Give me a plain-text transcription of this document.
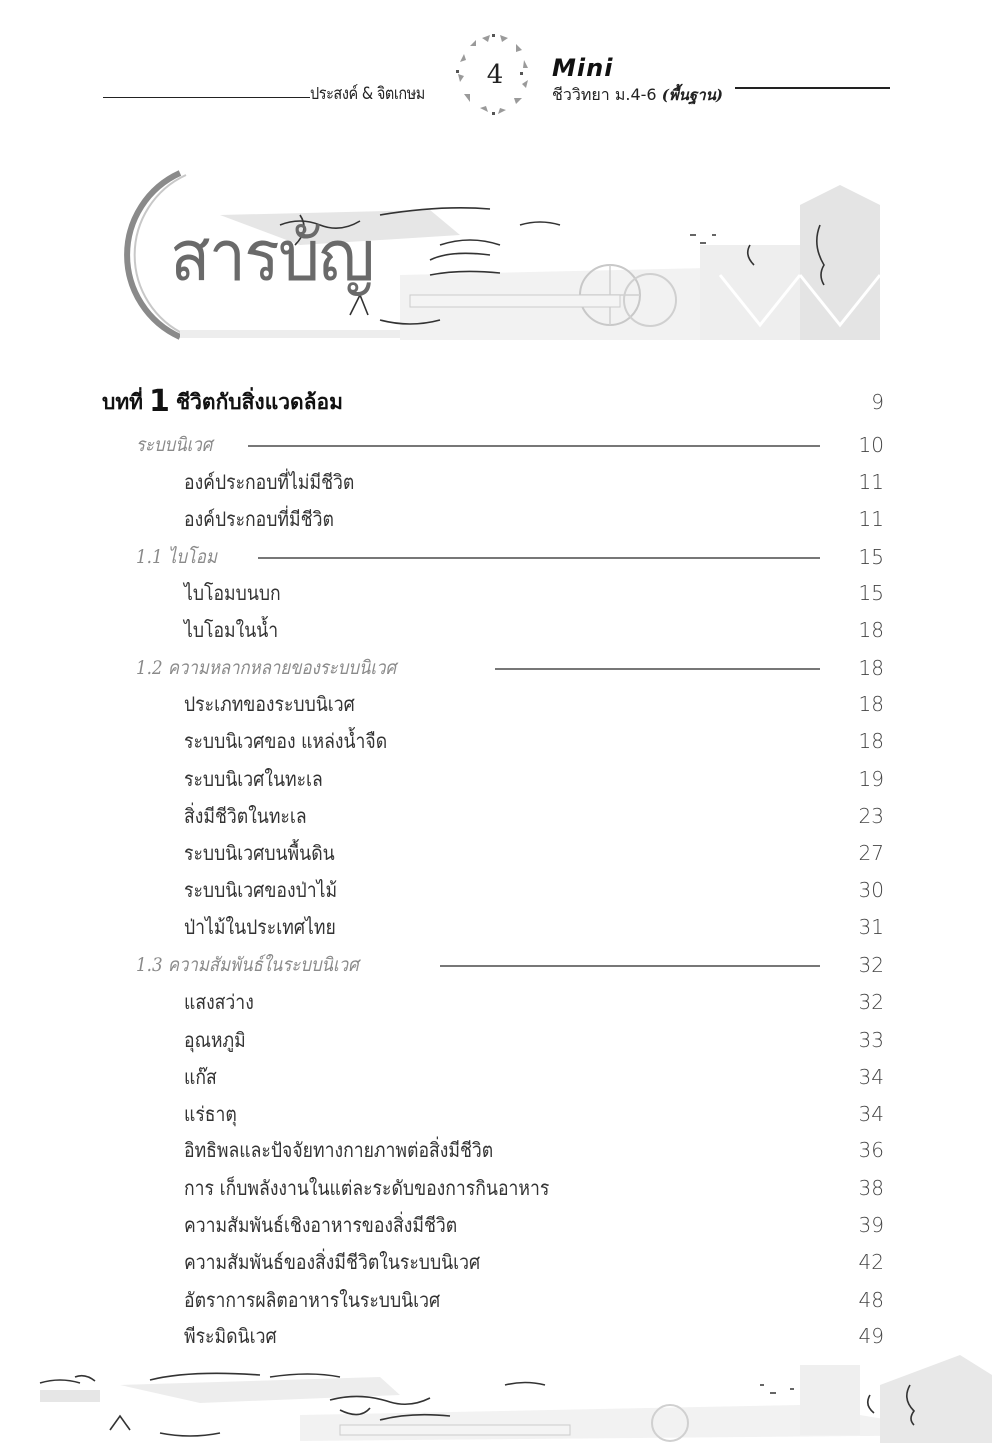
ประสงค์ & จิตเกษม
4	Mini
ชีววิทยา ม.4-6 (พื้นฐาน)
สารบัญ
บทที่ 1 ชีวิตกับสิ่งแวดล้อม	9
ระบบนิเวศ	10
องค์ประกอบที่ไม่มีชีวิต	11
องค์ประกอบที่มีชีวิต	11
1.1 ไบโอม	15
ไบโอมบนบก	15
ไบโอมในน้ำ	18
1.2 ความหลากหลายของระบบนิเวศ	18
ประเภทของระบบนิเวศ	18
ระบบนิเวศของ แหล่งน้ำจืด	18
ระบบนิเวศในทะเล	19
สิ่งมีชีวิตในทะเล	23
ระบบนิเวศบนพื้นดิน	27
ระบบนิเวศของป่าไม้	30
ป่าไม้ในประเทศไทย	31
1.3 ความสัมพันธ์ในระบบนิเวศ	32
แสงสว่าง	32
อุณหภูมิ	33
แก๊ส	34
แร่ธาตุ	34
อิทธิพลและปัจจัยทางกายภาพต่อสิ่งมีชีวิต	36
การ เก็บพลังงานในแต่ละระดับของการกินอาหาร	38
ความสัมพันธ์เชิงอาหารของสิ่งมีชีวิต	39
ความสัมพันธ์ของสิ่งมีชีวิตในระบบนิเวศ	42
อัตราการผลิตอาหารในระบบนิเวศ	48
พีระมิดนิเวศ	49
